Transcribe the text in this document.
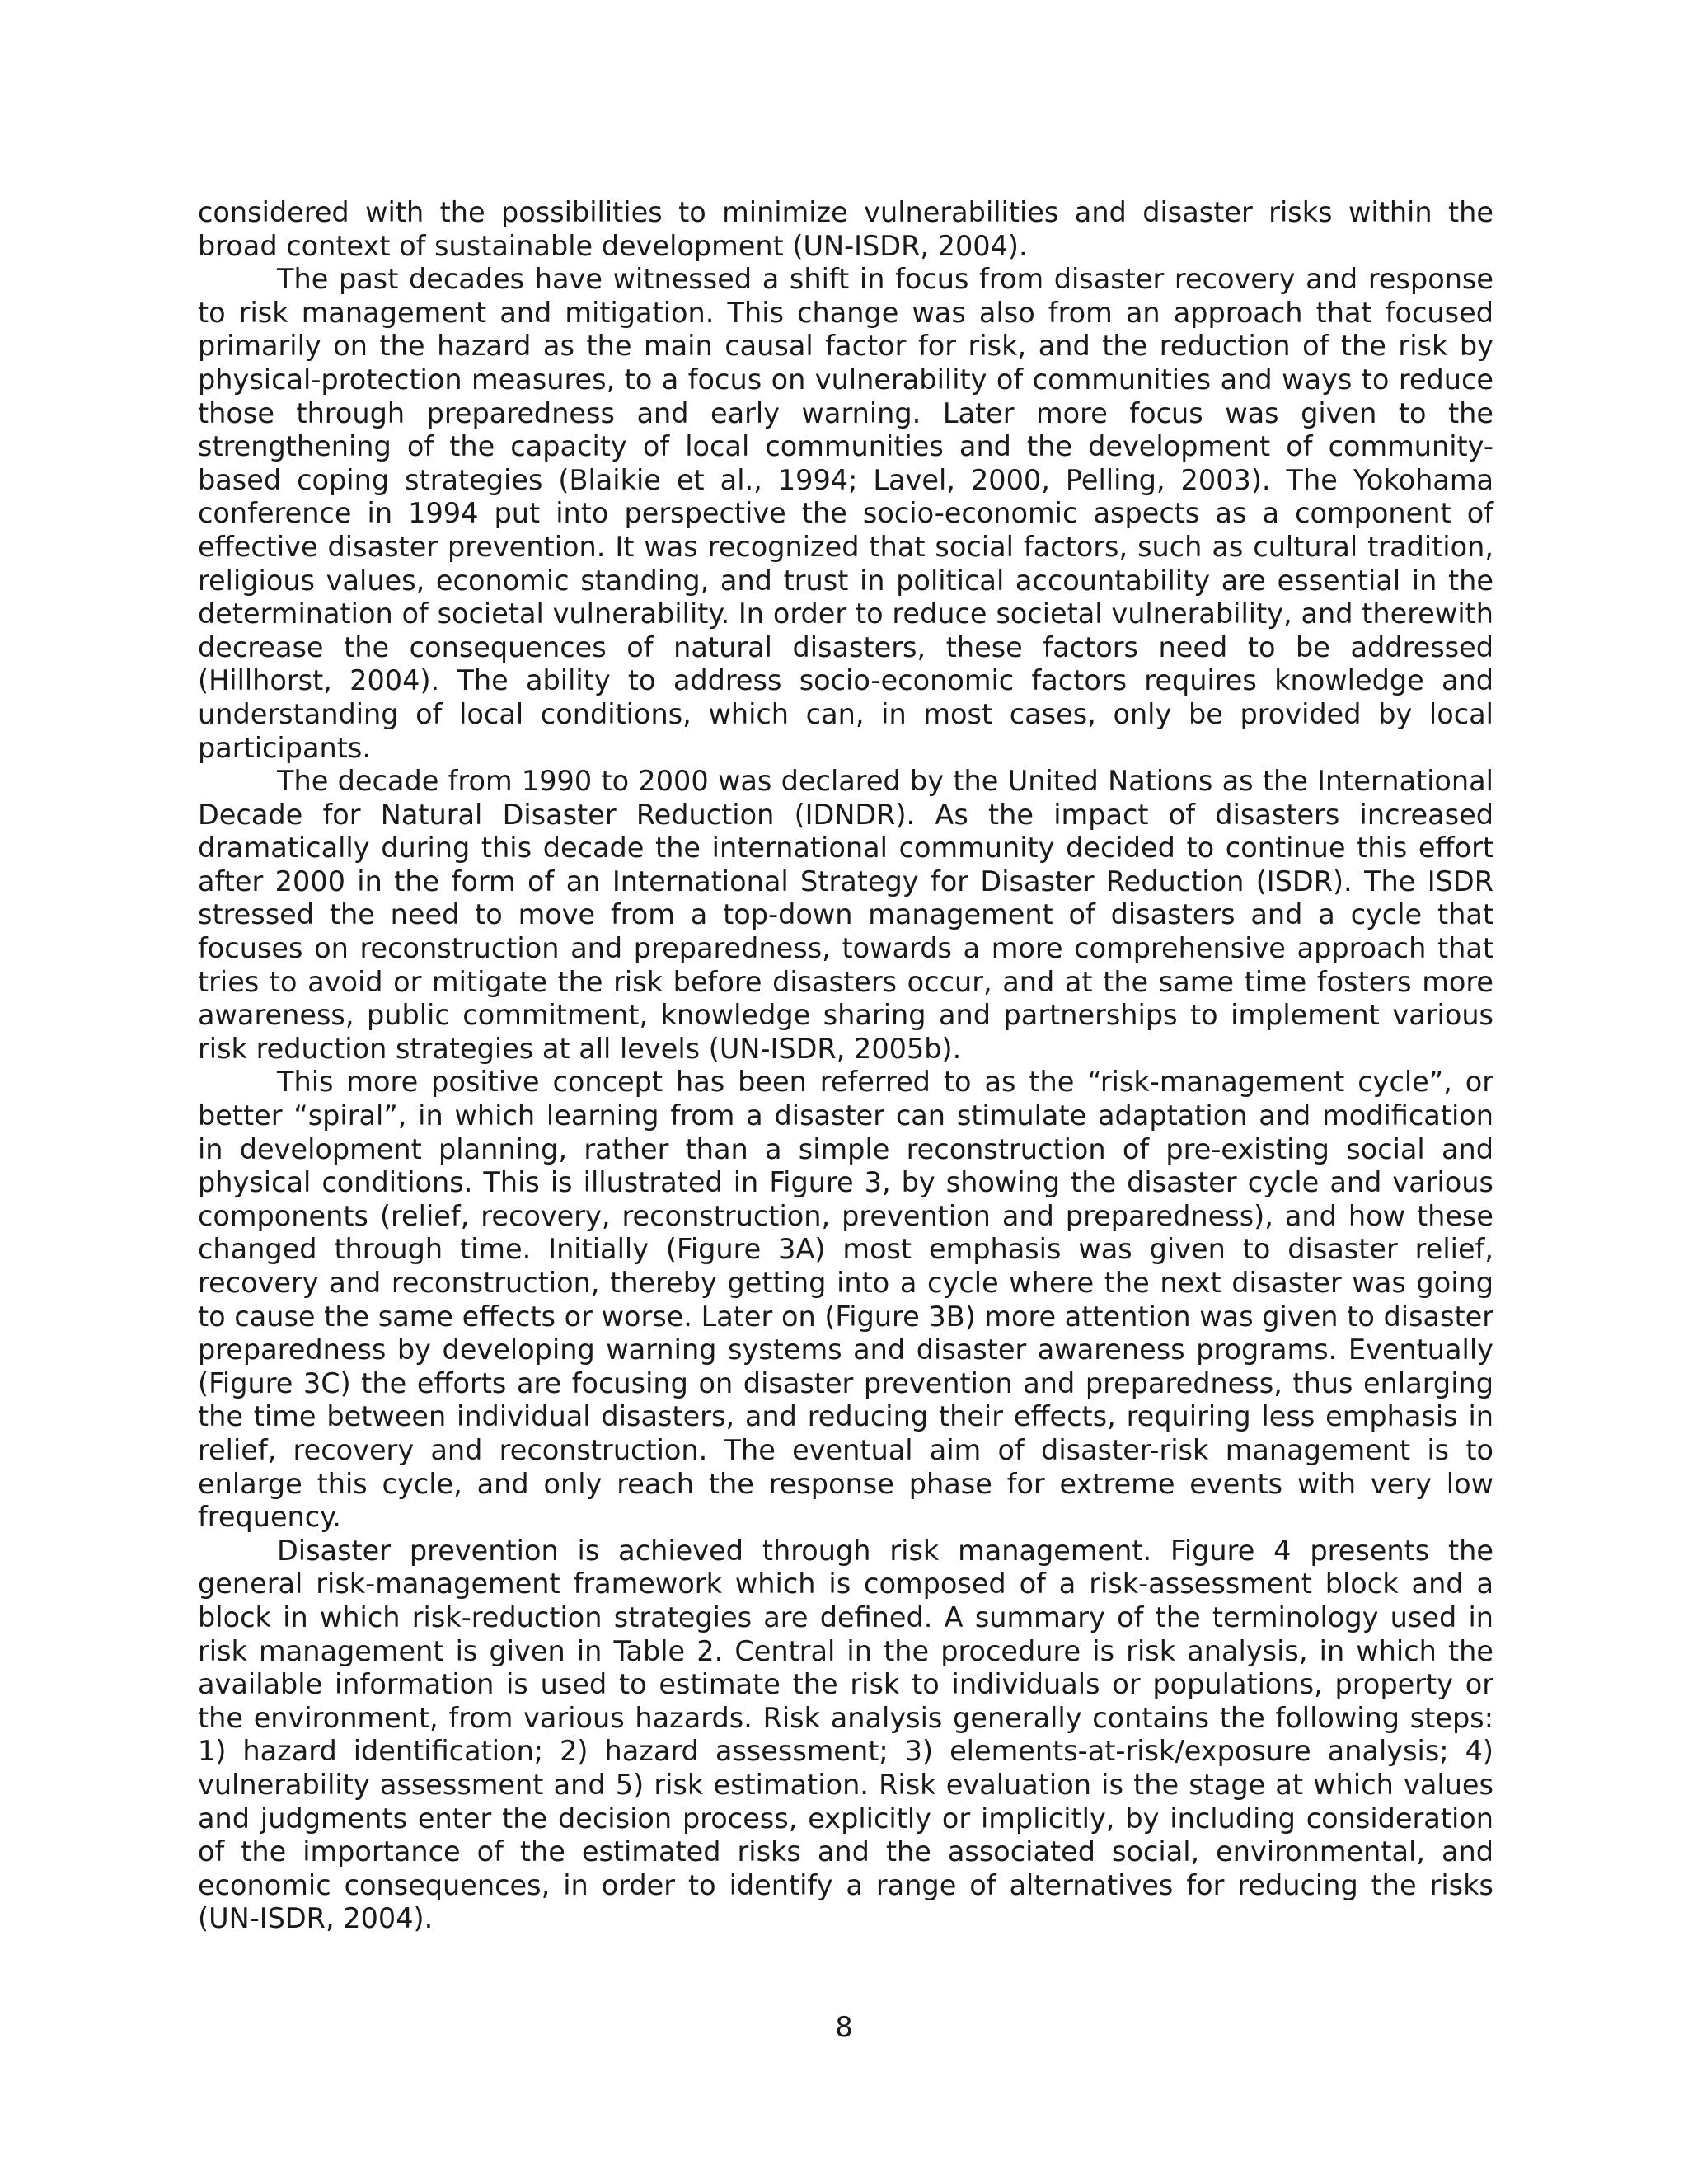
considered with the possibilities to minimize vulnerabilities and disaster risks within the broad context of sustainable development (UN-ISDR, 2004).

The past decades have witnessed a shift in focus from disaster recovery and response to risk management and mitigation. This change was also from an approach that focused primarily on the hazard as the main causal factor for risk, and the reduction of the risk by physical-protection measures, to a focus on vulnerability of communities and ways to reduce those through preparedness and early warning. Later more focus was given to the strengthening of the capacity of local communities and the development of community-based coping strategies (Blaikie et al., 1994; Lavel, 2000, Pelling, 2003). The Yokohama conference in 1994 put into perspective the socio-economic aspects as a component of effective disaster prevention. It was recognized that social factors, such as cultural tradition, religious values, economic standing, and trust in political accountability are essential in the determination of societal vulnerability. In order to reduce societal vulnerability, and therewith decrease the consequences of natural disasters, these factors need to be addressed (Hillhorst, 2004). The ability to address socio-economic factors requires knowledge and understanding of local conditions, which can, in most cases, only be provided by local participants.

The decade from 1990 to 2000 was declared by the United Nations as the International Decade for Natural Disaster Reduction (IDNDR). As the impact of disasters increased dramatically during this decade the international community decided to continue this effort after 2000 in the form of an International Strategy for Disaster Reduction (ISDR). The ISDR stressed the need to move from a top-down management of disasters and a cycle that focuses on reconstruction and preparedness, towards a more comprehensive approach that tries to avoid or mitigate the risk before disasters occur, and at the same time fosters more awareness, public commitment, knowledge sharing and partnerships to implement various risk reduction strategies at all levels (UN-ISDR, 2005b).

This more positive concept has been referred to as the “risk-management cycle”, or better “spiral”, in which learning from a disaster can stimulate adaptation and modification in development planning, rather than a simple reconstruction of pre-existing social and physical conditions. This is illustrated in Figure 3, by showing the disaster cycle and various components (relief, recovery, reconstruction, prevention and preparedness), and how these changed through time. Initially (Figure 3A) most emphasis was given to disaster relief, recovery and reconstruction, thereby getting into a cycle where the next disaster was going to cause the same effects or worse. Later on (Figure 3B) more attention was given to disaster preparedness by developing warning systems and disaster awareness programs. Eventually (Figure 3C) the efforts are focusing on disaster prevention and preparedness, thus enlarging the time between individual disasters, and reducing their effects, requiring less emphasis in relief, recovery and reconstruction. The eventual aim of disaster-risk management is to enlarge this cycle, and only reach the response phase for extreme events with very low frequency.

Disaster prevention is achieved through risk management. Figure 4 presents the general risk-management framework which is composed of a risk-assessment block and a block in which risk-reduction strategies are defined. A summary of the terminology used in risk management is given in Table 2. Central in the procedure is risk analysis, in which the available information is used to estimate the risk to individuals or populations, property or the environment, from various hazards. Risk analysis generally contains the following steps: 1) hazard identification; 2) hazard assessment; 3) elements-at-risk/exposure analysis; 4) vulnerability assessment and 5) risk estimation. Risk evaluation is the stage at which values and judgments enter the decision process, explicitly or implicitly, by including consideration of the importance of the estimated risks and the associated social, environmental, and economic consequences, in order to identify a range of alternatives for reducing the risks (UN-ISDR, 2004).

8
